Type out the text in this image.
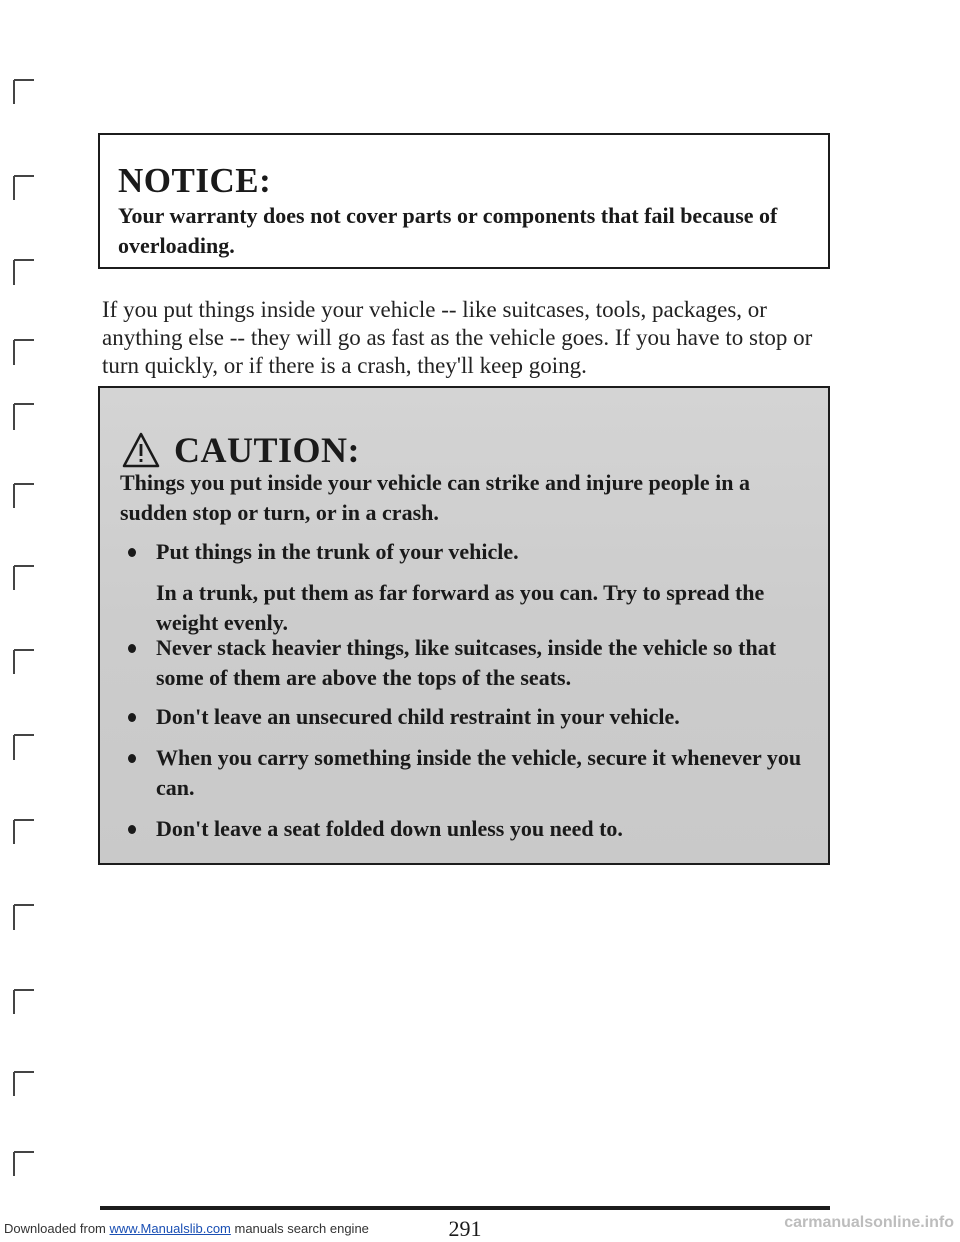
NOTICE:
Your warranty does not cover parts or components that fail because of overloading.
If you put things inside your vehicle -- like suitcases, tools, packages, or anything else -- they will go as fast as the vehicle goes. If you have to stop or turn quickly, or if there is a crash, they'll keep going.
CAUTION:
Things you put inside your vehicle can strike and injure people in a sudden stop or turn, or in a crash.
Put things in the trunk of your vehicle.
In a trunk, put them as far forward as you can. Try to spread the weight evenly.
Never stack heavier things, like suitcases, inside the vehicle so that some of them are above the tops of the seats.
Don't leave an unsecured child restraint in your vehicle.
When you carry something inside the vehicle, secure it whenever you can.
Don't leave a seat folded down unless you need to.
291
Downloaded from www.Manualslib.com manuals search engine	carmanualsonline.info
